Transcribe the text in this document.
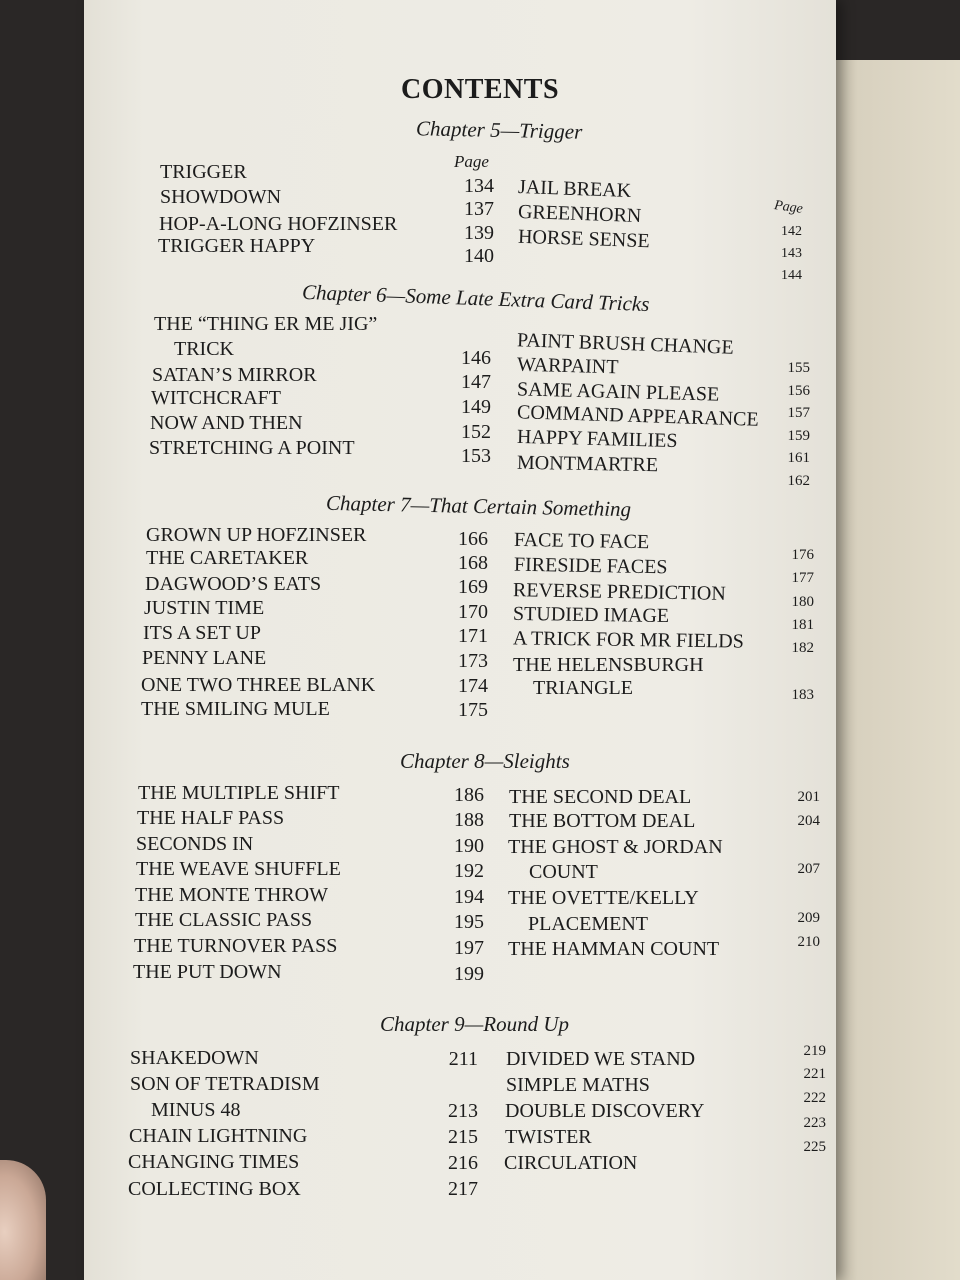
CONTENTS
Chapter 5—Trigger
Page
Page
TRIGGER
SHOWDOWN
HOP-A-LONG HOFZINSER
TRIGGER HAPPY
134
137
139
140
JAIL BREAK
GREENHORN
HORSE SENSE	142
143
144
Chapter 6—Some Late Extra Card Tricks
THE “THING ER ME JIG”
TRICK
SATAN’S MIRROR
WITCHCRAFT
NOW AND THEN
STRETCHING A POINT
146
147
149
152
153
PAINT BRUSH CHANGE
WARPAINT
SAME AGAIN PLEASE
COMMAND APPEARANCE
HAPPY FAMILIES
MONTMARTRE
155
156
157
159
161
162
Chapter 7—That Certain Something
GROWN UP HOFZINSER
THE CARETAKER
DAGWOOD’S EATS
JUSTIN TIME
ITS A SET UP
PENNY LANE
ONE TWO THREE BLANK
THE SMILING MULE
166
168
169
170
171
173
174
175
FACE TO FACE
FIRESIDE FACES
REVERSE PREDICTION
STUDIED IMAGE
A TRICK FOR MR FIELDS
THE HELENSBURGH
TRIANGLE
176
177
180
181
182
183
Chapter 8—Sleights
THE MULTIPLE SHIFT
THE HALF PASS
SECONDS IN
THE WEAVE SHUFFLE
THE MONTE THROW
THE CLASSIC PASS
THE TURNOVER PASS
THE PUT DOWN
186
188
190
192
194
195
197
199
THE SECOND DEAL
THE BOTTOM DEAL
THE GHOST & JORDAN
COUNT
THE OVETTE/KELLY
PLACEMENT
THE HAMMAN COUNT
201
204
207
209
210
Chapter 9—Round Up
SHAKEDOWN
SON OF TETRADISM
MINUS 48
CHAIN LIGHTNING
CHANGING TIMES
COLLECTING BOX
211
213
215
216
217
DIVIDED WE STAND
SIMPLE MATHS
DOUBLE DISCOVERY
TWISTER
CIRCULATION
219
221
222
223
225
